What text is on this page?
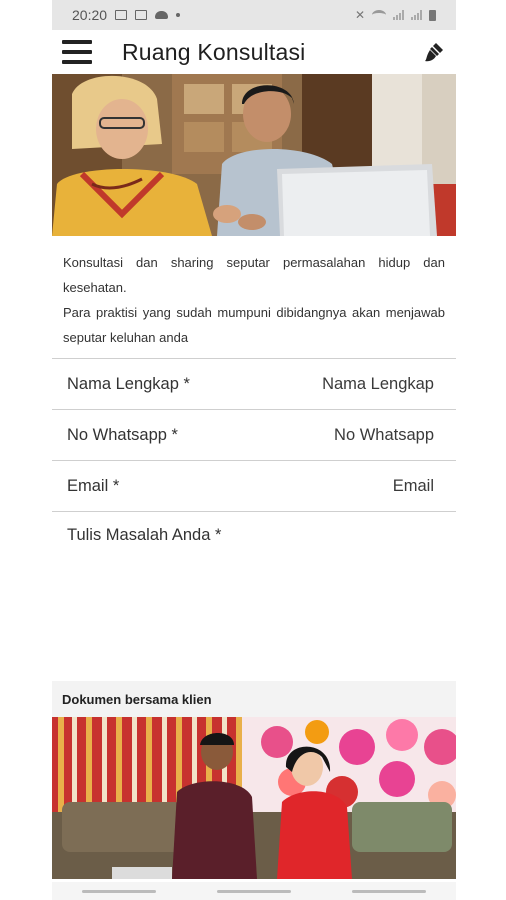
20:20	✕
Ruang Konsultasi

Konsultasi dan sharing seputar permasalahan hidup dan kesehatan.

Para praktisi yang sudah mumpuni dibidangnya akan menjawab seputar keluhan anda

Nama Lengkap *
Nama Lengkap
No Whatsapp *
No Whatsapp
Email *
Email
Tulis Masalah Anda *
Dokumen bersama klien
